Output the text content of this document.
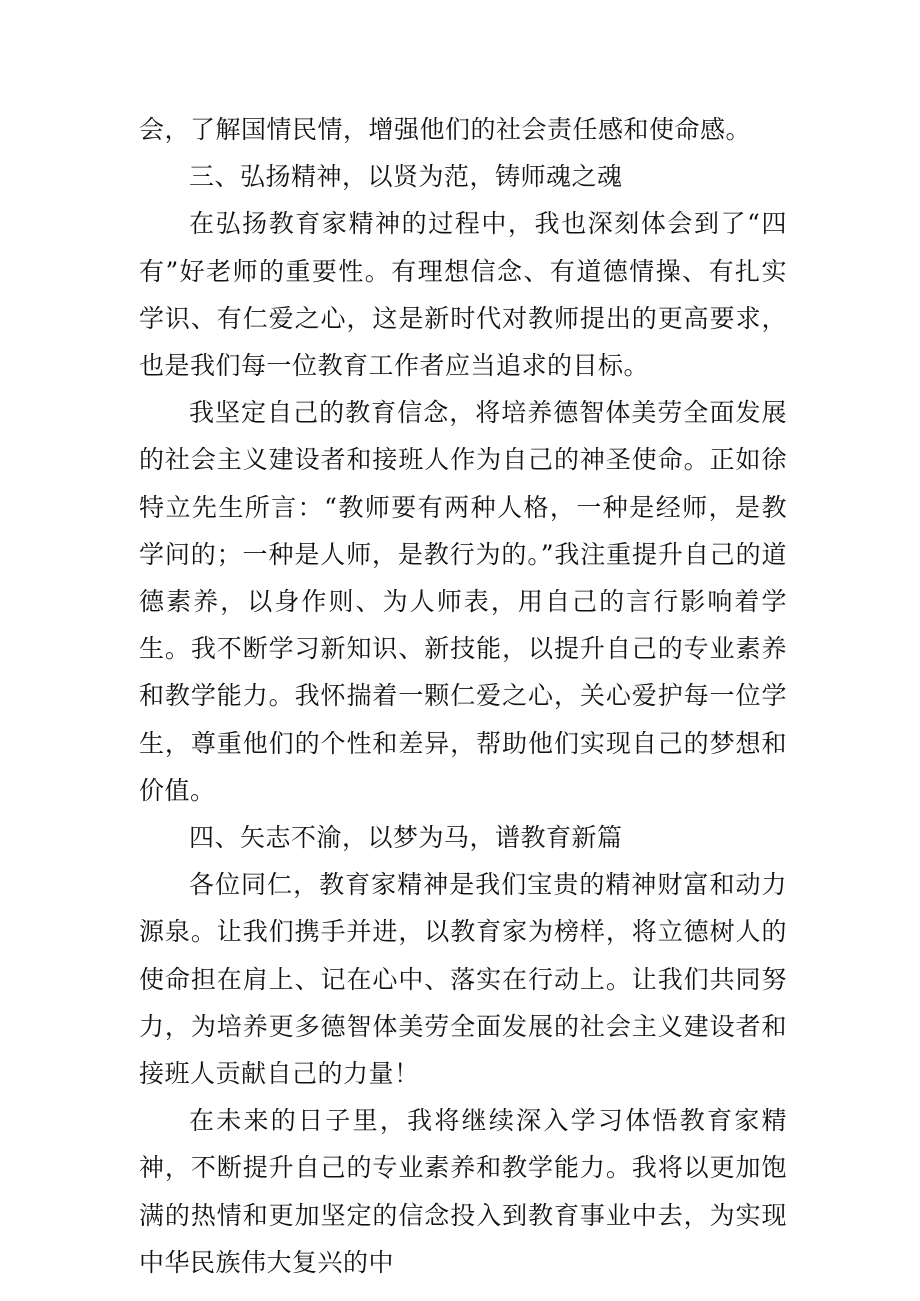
会，了解国情民情，增强他们的社会责任感和使命感。

三、弘扬精神，以贤为范，铸师魂之魂

在弘扬教育家精神的过程中，我也深刻体会到了“四有”好老师的重要性。有理想信念、有道德情操、有扎实学识、有仁爱之心，这是新时代对教师提出的更高要求，也是我们每一位教育工作者应当追求的目标。

我坚定自己的教育信念，将培养德智体美劳全面发展的社会主义建设者和接班人作为自己的神圣使命。正如徐特立先生所言：“教师要有两种人格，一种是经师，是教学问的；一种是人师，是教行为的。”我注重提升自己的道德素养，以身作则、为人师表，用自己的言行影响着学生。我不断学习新知识、新技能，以提升自己的专业素养和教学能力。我怀揣着一颗仁爱之心，关心爱护每一位学生，尊重他们的个性和差异，帮助他们实现自己的梦想和价值。

四、矢志不渝，以梦为马，谱教育新篇

各位同仁，教育家精神是我们宝贵的精神财富和动力源泉。让我们携手并进，以教育家为榜样，将立德树人的使命担在肩上、记在心中、落实在行动上。让我们共同努力，为培养更多德智体美劳全面发展的社会主义建设者和接班人贡献自己的力量！

在未来的日子里，我将继续深入学习体悟教育家精神，不断提升自己的专业素养和教学能力。我将以更加饱满的热情和更加坚定的信念投入到教育事业中去，为实现中华民族伟大复兴的中
